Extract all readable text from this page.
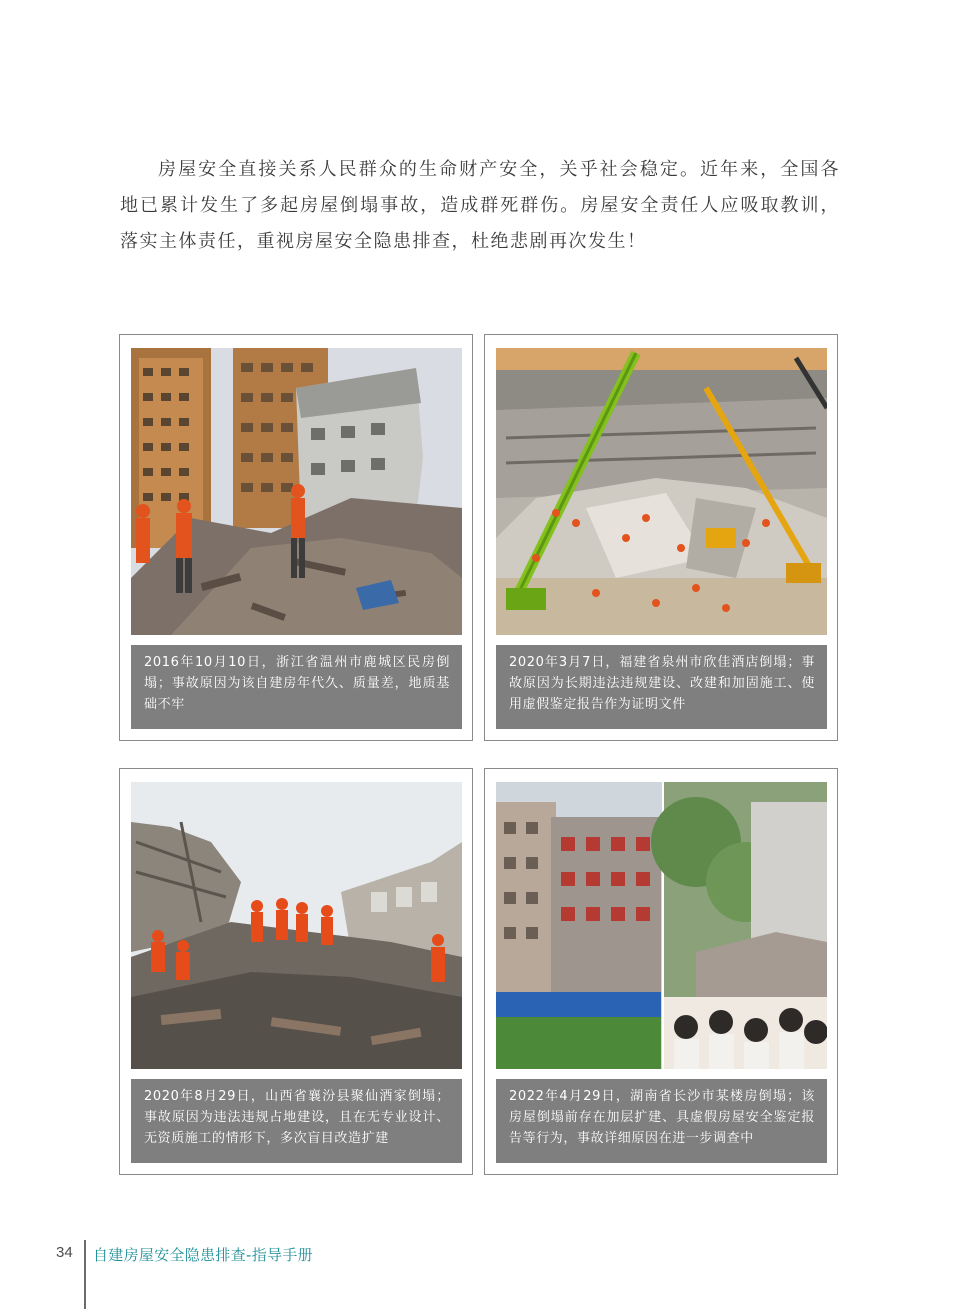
房屋安全直接关系人民群众的生命财产安全，关乎社会稳定。近年来，全国各地已累计发生了多起房屋倒塌事故，造成群死群伤。房屋安全责任人应吸取教训，落实主体责任，重视房屋安全隐患排查，杜绝悲剧再次发生！

2016年10月10日，浙江省温州市鹿城区民房倒塌；事故原因为该自建房年代久、质量差，地质基础不牢
2020年3月7日，福建省泉州市欣佳酒店倒塌；事故原因为长期违法违规建设、改建和加固施工、使用虚假鉴定报告作为证明文件
2020年8月29日，山西省襄汾县聚仙酒家倒塌；事故原因为违法违规占地建设，且在无专业设计、无资质施工的情形下，多次盲目改造扩建
2022年4月29日，湖南省长沙市某楼房倒塌；该房屋倒塌前存在加层扩建、具虚假房屋安全鉴定报告等行为，事故详细原因在进一步调查中
34 自建房屋安全隐患排查-指导手册
